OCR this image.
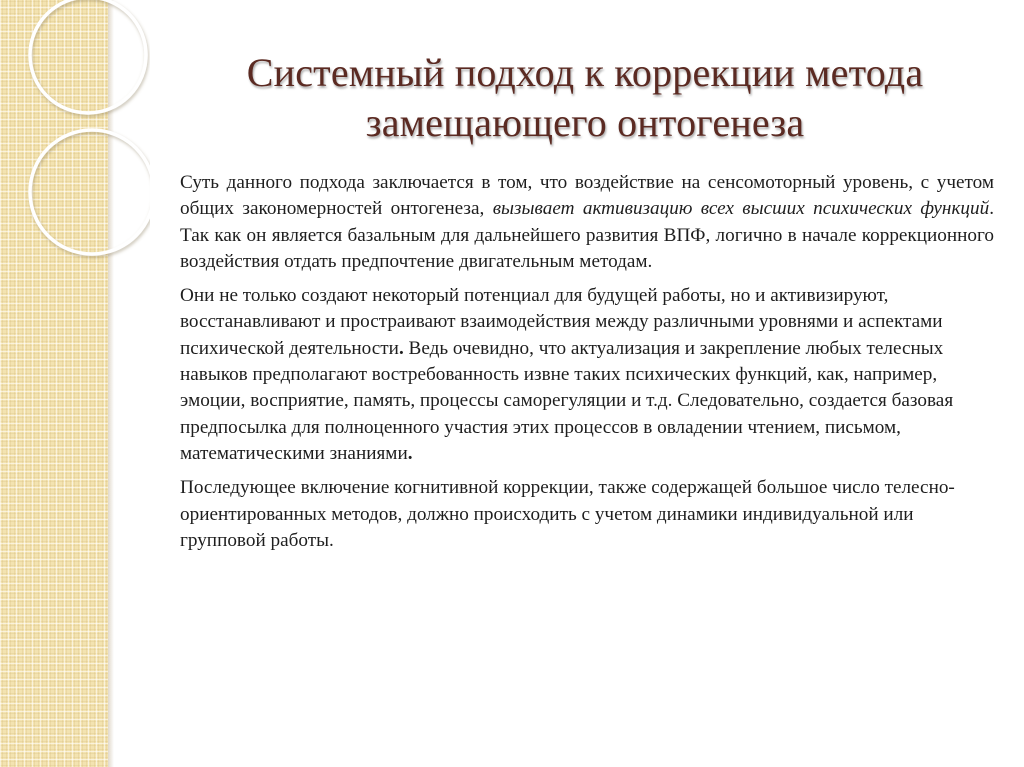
Системный подход к коррекции метода
замещающего онтогенеза

Суть данного подхода заключается в том, что воздействие на сенсомоторный уровень, с учетом общих закономерностей онтогенеза, вызывает активизацию всех высших психических функций. Так как он является базальным для дальнейшего развития ВПФ, логично в начале коррекционного воздействия отдать предпочтение двигательным методам.

Они не только создают некоторый потенциал для будущей работы, но и активизируют, восстанавливают и простраивают взаимодействия между различными уровнями и аспектами психической деятельности. Ведь очевидно, что актуализация и закрепление любых телесных навыков предполагают востребованность извне таких психических функций, как, например, эмоции, восприятие, память, процессы саморегуляции и т.д. Следовательно, создается базовая предпосылка для полноценного участия этих процессов в овладении чтением, письмом, математическими знаниями.

Последующее включение когнитивной коррекции, также содержащей большое число телесно-ориентированных методов, должно происходить с учетом динамики индивидуальной или групповой работы.
